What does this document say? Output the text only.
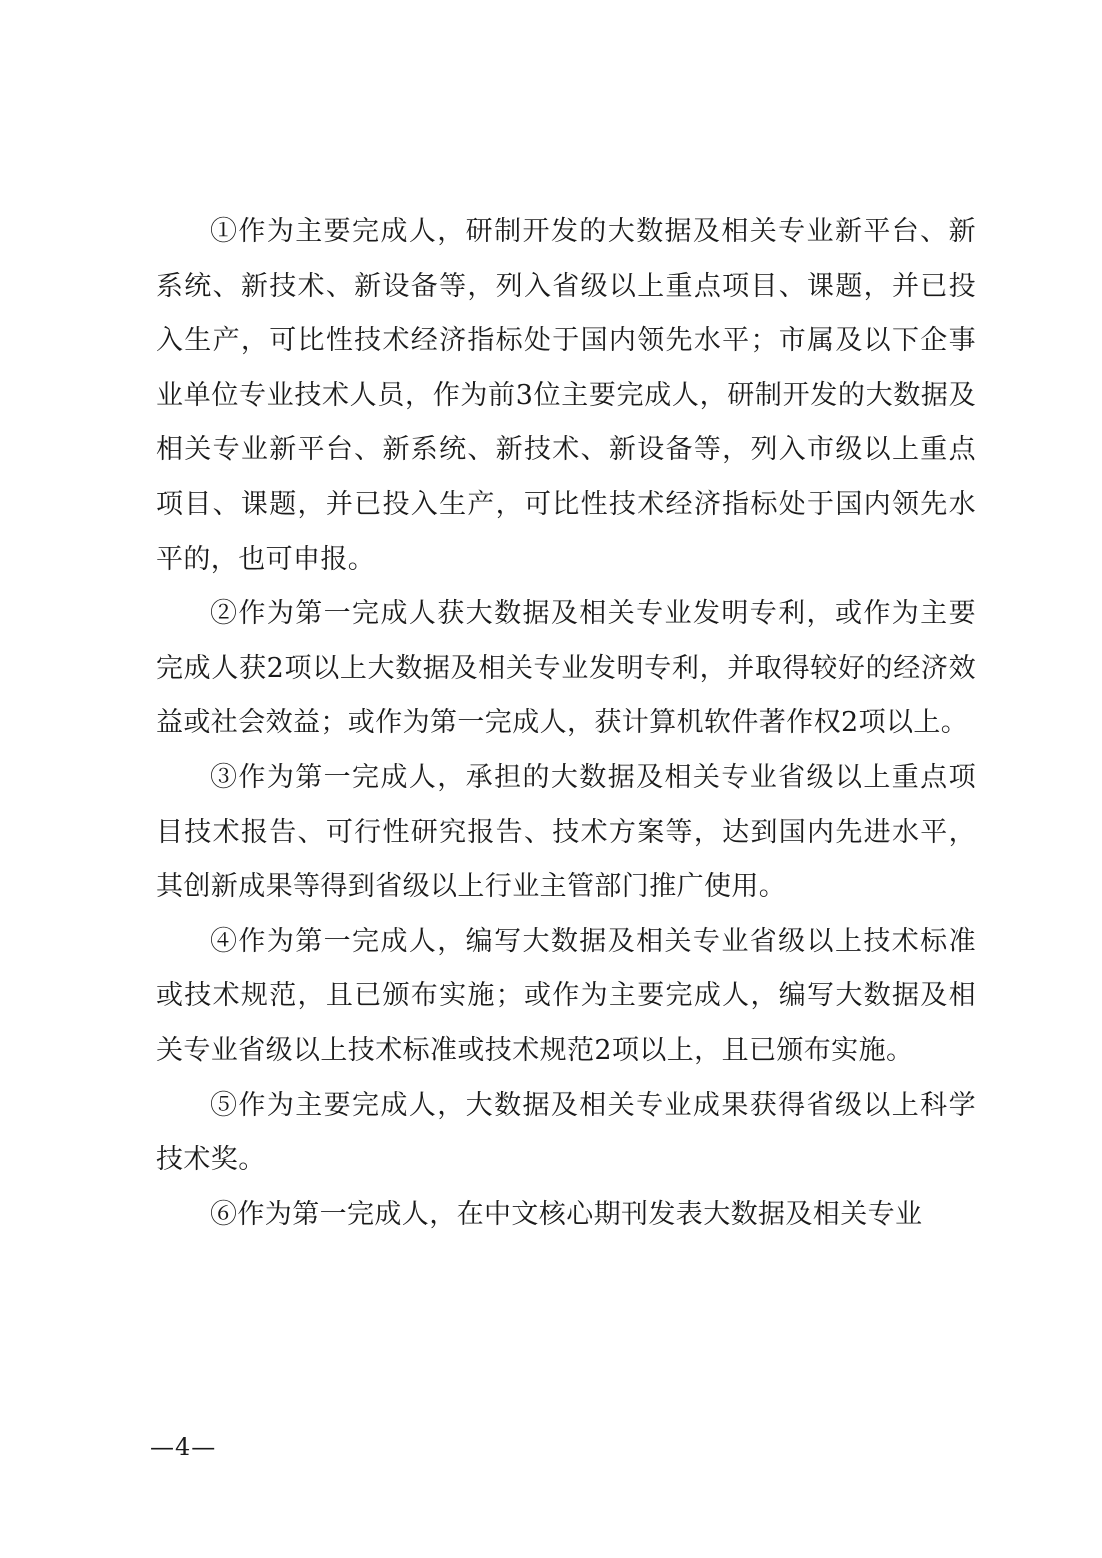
①作为主要完成人，研制开发的大数据及相关专业新平台、新系统、新技术、新设备等，列入省级以上重点项目、课题，并已投入生产，可比性技术经济指标处于国内领先水平；市属及以下企事业单位专业技术人员，作为前3位主要完成人，研制开发的大数据及相关专业新平台、新系统、新技术、新设备等，列入市级以上重点项目、课题，并已投入生产，可比性技术经济指标处于国内领先水平的，也可申报。

②作为第一完成人获大数据及相关专业发明专利，或作为主要完成人获2项以上大数据及相关专业发明专利，并取得较好的经济效益或社会效益；或作为第一完成人，获计算机软件著作权2项以上。

③作为第一完成人，承担的大数据及相关专业省级以上重点项目技术报告、可行性研究报告、技术方案等，达到国内先进水平，其创新成果等得到省级以上行业主管部门推广使用。

④作为第一完成人，编写大数据及相关专业省级以上技术标准或技术规范，且已颁布实施；或作为主要完成人，编写大数据及相关专业省级以上技术标准或技术规范2项以上，且已颁布实施。

⑤作为主要完成人，大数据及相关专业成果获得省级以上科学技术奖。

⑥作为第一完成人，在中文核心期刊发表大数据及相关专业

—4—
